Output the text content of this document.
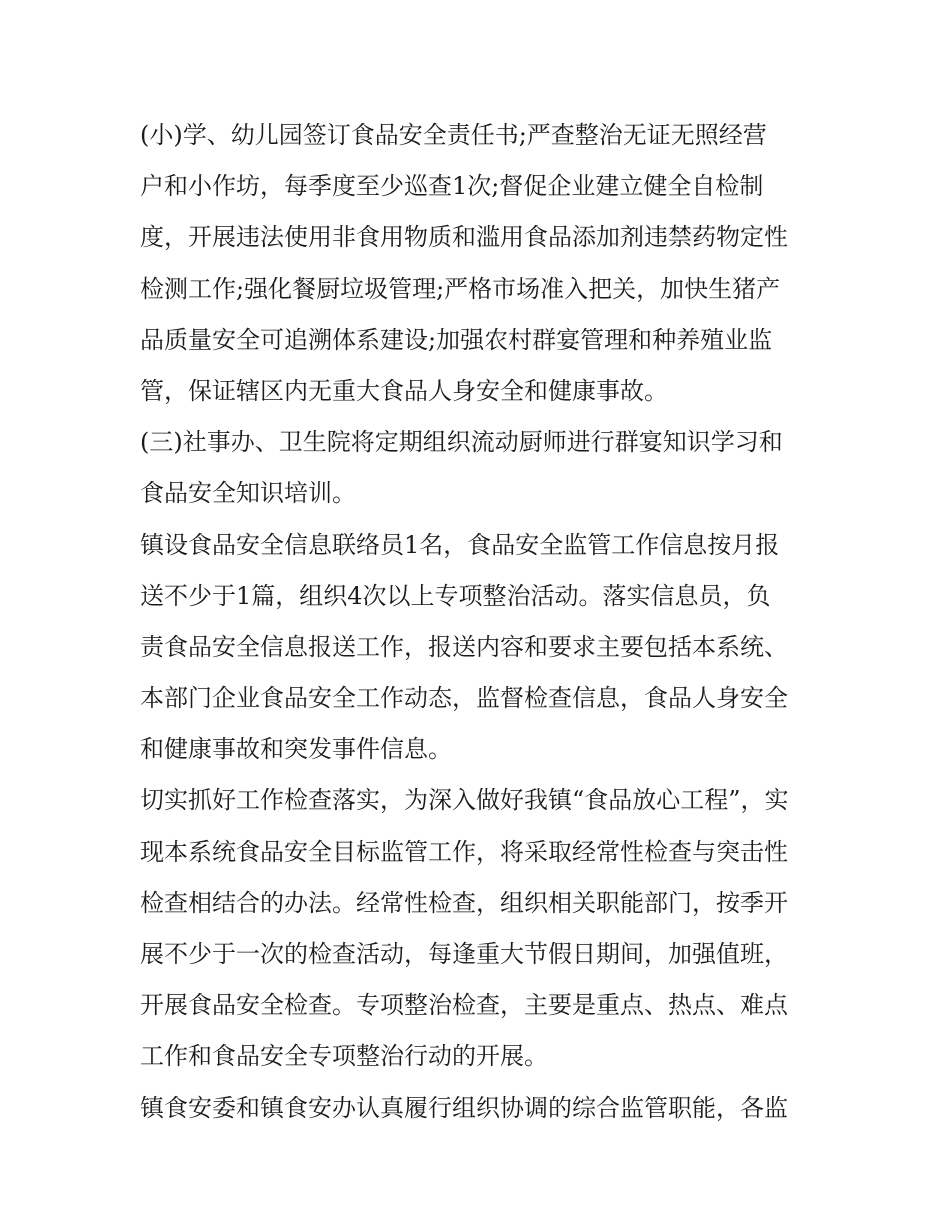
(小)学、幼儿园签订食品安全责任书;严查整治无证无照经营
户和小作坊，每季度至少巡查1次;督促企业建立健全自检制
度，开展违法使用非食用物质和滥用食品添加剂违禁药物定性
检测工作;强化餐厨垃圾管理;严格市场准入把关，加快生猪产
品质量安全可追溯体系建设;加强农村群宴管理和种养殖业监
管，保证辖区内无重大食品人身安全和健康事故。
(三)社事办、卫生院将定期组织流动厨师进行群宴知识学习和
食品安全知识培训。
镇设食品安全信息联络员1名，食品安全监管工作信息按月报
送不少于1篇，组织4次以上专项整治活动。落实信息员，负
责食品安全信息报送工作，报送内容和要求主要包括本系统、
本部门企业食品安全工作动态，监督检查信息，食品人身安全
和健康事故和突发事件信息。
切实抓好工作检查落实，为深入做好我镇“食品放心工程”，实
现本系统食品安全目标监管工作，将采取经常性检查与突击性
检查相结合的办法。经常性检查，组织相关职能部门，按季开
展不少于一次的检查活动，每逢重大节假日期间，加强值班，
开展食品安全检查。专项整治检查，主要是重点、热点、难点
工作和食品安全专项整治行动的开展。
镇食安委和镇食安办认真履行组织协调的综合监管职能，各监
